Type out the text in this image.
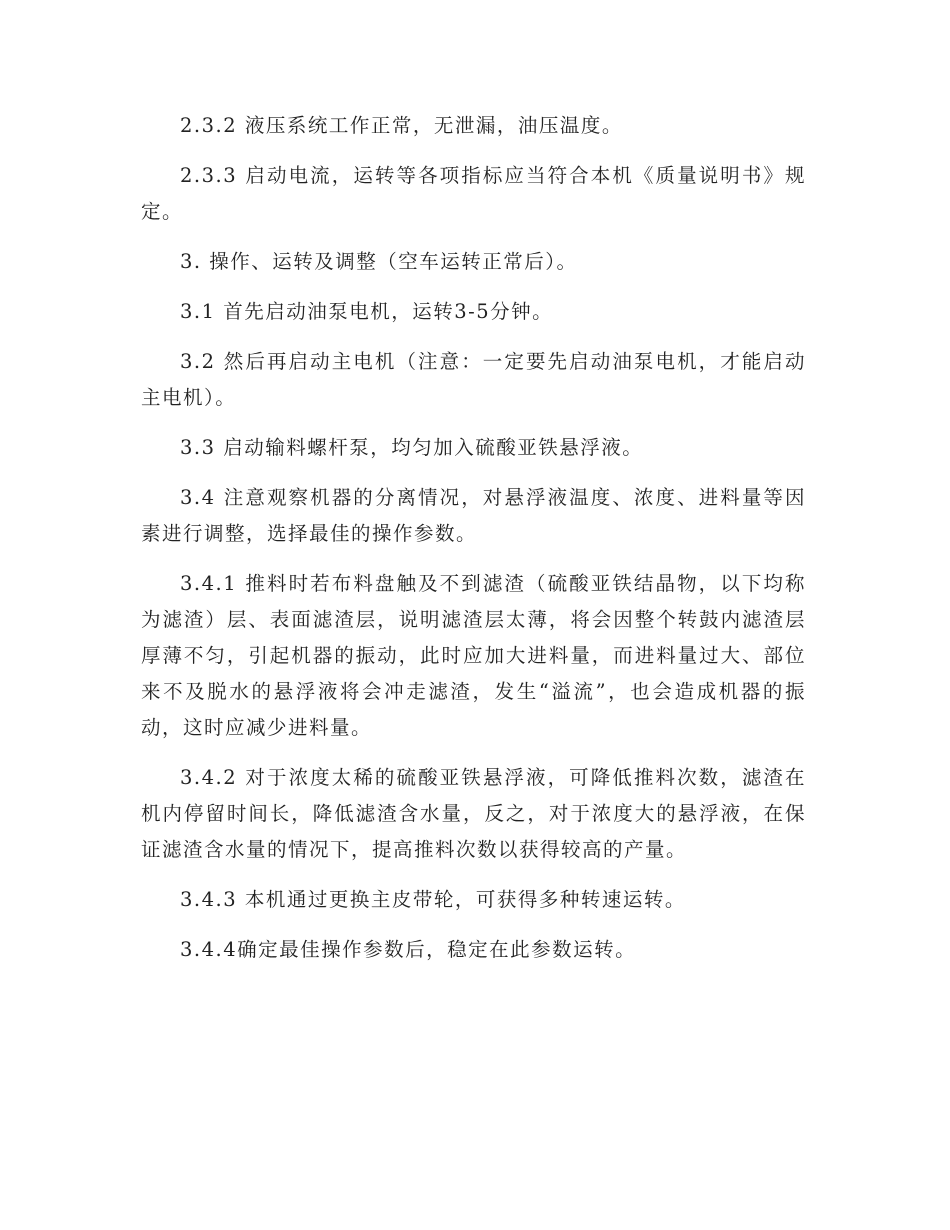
2.3.2 液压系统工作正常，无泄漏，油压温度。

2.3.3 启动电流，运转等各项指标应当符合本机《质量说明书》规定。

3. 操作、运转及调整（空车运转正常后）。

3.1 首先启动油泵电机，运转3-5分钟。

3.2 然后再启动主电机（注意：一定要先启动油泵电机，才能启动主电机）。

3.3 启动输料螺杆泵，均匀加入硫酸亚铁悬浮液。

3.4 注意观察机器的分离情况，对悬浮液温度、浓度、进料量等因素进行调整，选择最佳的操作参数。

3.4.1 推料时若布料盘触及不到滤渣（硫酸亚铁结晶物，以下均称为滤渣）层、表面滤渣层，说明滤渣层太薄，将会因整个转鼓内滤渣层厚薄不匀，引起机器的振动，此时应加大进料量，而进料量过大、部位来不及脱水的悬浮液将会冲走滤渣，发生“溢流”，也会造成机器的振动，这时应减少进料量。

3.4.2 对于浓度太稀的硫酸亚铁悬浮液，可降低推料次数，滤渣在机内停留时间长，降低滤渣含水量，反之，对于浓度大的悬浮液，在保证滤渣含水量的情况下，提高推料次数以获得较高的产量。

3.4.3 本机通过更换主皮带轮，可获得多种转速运转。

3.4.4确定最佳操作参数后，稳定在此参数运转。
